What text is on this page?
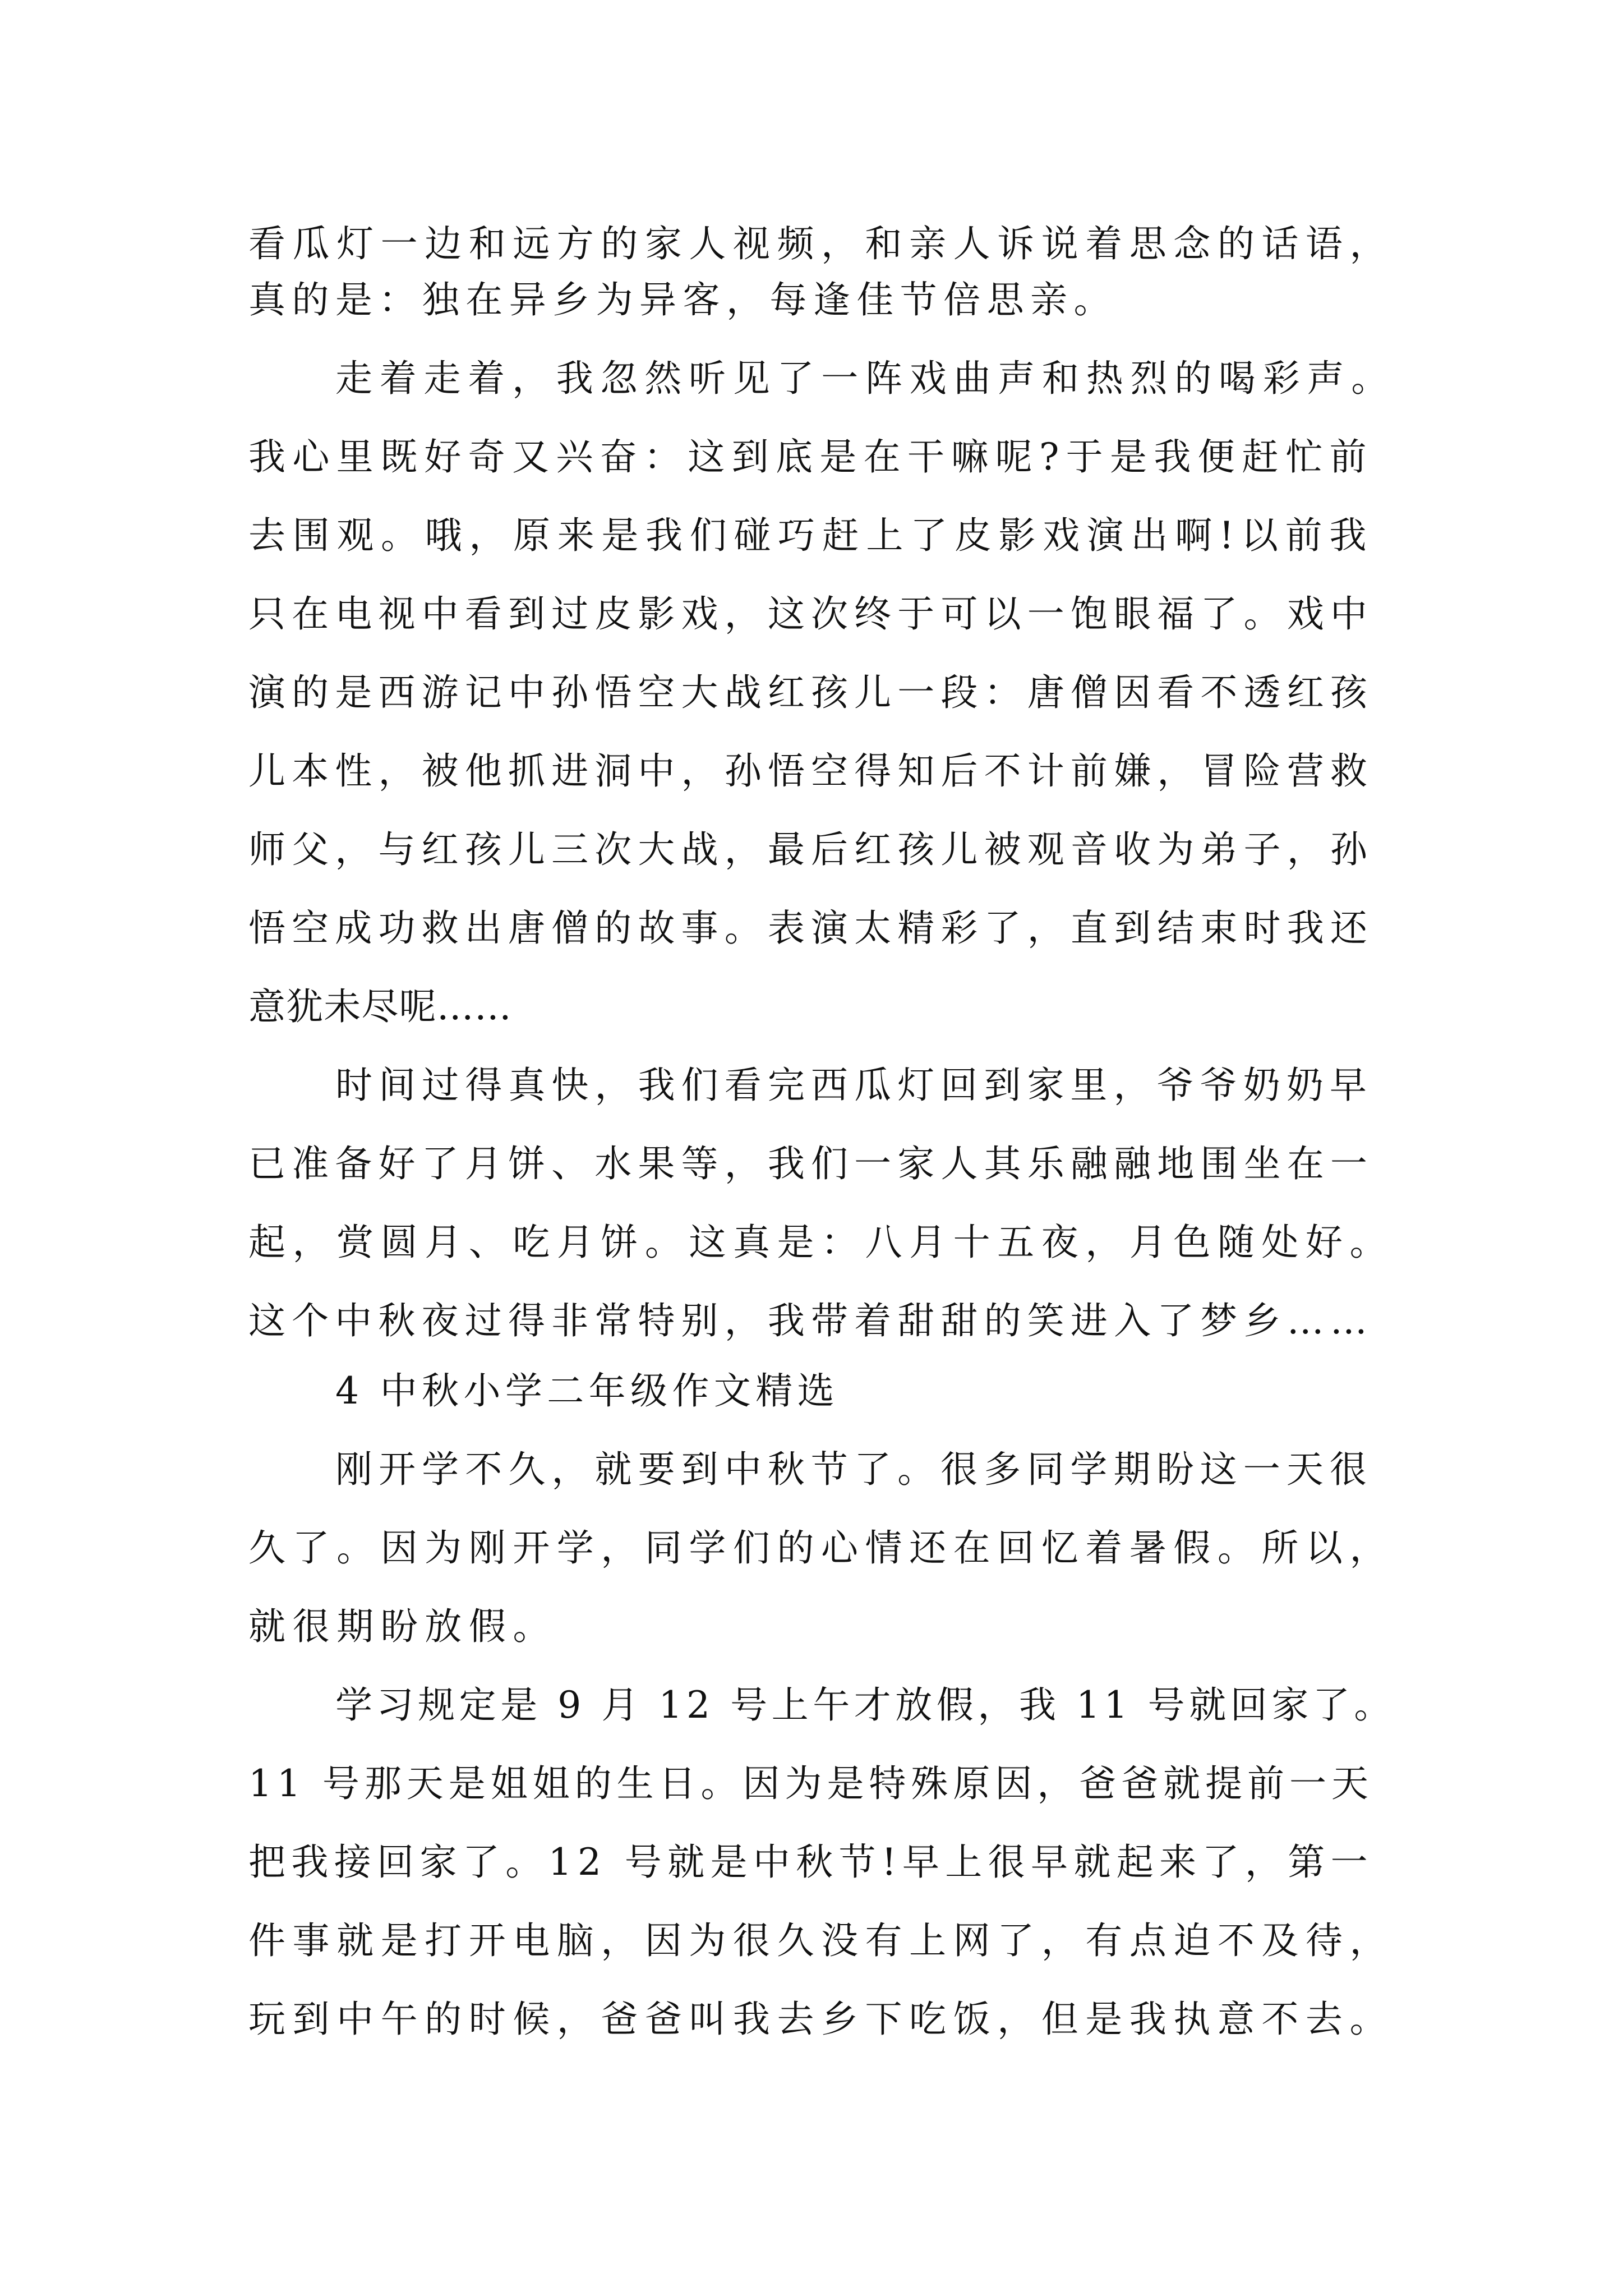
看瓜灯一边和远方的家人视频，和亲人诉说着思念的话语，
真的是：独在异乡为异客，每逢佳节倍思亲。
走着走着，我忽然听见了一阵戏曲声和热烈的喝彩声。
我心里既好奇又兴奋：这到底是在干嘛呢?于是我便赶忙前
去围观。哦，原来是我们碰巧赶上了皮影戏演出啊!以前我
只在电视中看到过皮影戏，这次终于可以一饱眼福了。戏中
演的是西游记中孙悟空大战红孩儿一段：唐僧因看不透红孩
儿本性，被他抓进洞中，孙悟空得知后不计前嫌，冒险营救
师父，与红孩儿三次大战，最后红孩儿被观音收为弟子，孙
悟空成功救出唐僧的故事。表演太精彩了，直到结束时我还
意犹未尽呢……
时间过得真快，我们看完西瓜灯回到家里，爷爷奶奶早
已准备好了月饼、水果等，我们一家人其乐融融地围坐在一
起，赏圆月、吃月饼。这真是：八月十五夜，月色随处好。
这个中秋夜过得非常特别，我带着甜甜的笑进入了梦乡……
4 中秋小学二年级作文精选
刚开学不久，就要到中秋节了。很多同学期盼这一天很
久了。因为刚开学，同学们的心情还在回忆着暑假。所以，
就很期盼放假。
学习规定是 9 月 12 号上午才放假，我 11 号就回家了。
11 号那天是姐姐的生日。因为是特殊原因，爸爸就提前一天
把我接回家了。12 号就是中秋节!早上很早就起来了，第一
件事就是打开电脑，因为很久没有上网了，有点迫不及待，
玩到中午的时候，爸爸叫我去乡下吃饭，但是我执意不去。
